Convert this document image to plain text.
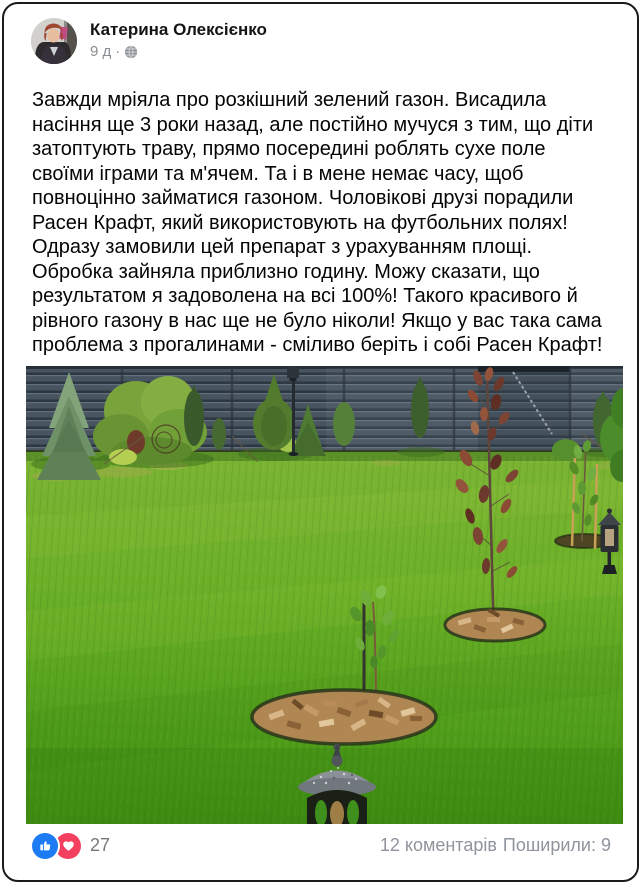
Катерина Олексієнко
9 д ·
Завжди мріяла про розкішний зелений газон. Висадила насіння ще 3 роки назад, але постійно мучуся з тим, що діти затоптують траву, прямо посередині роблять сухе поле своїми іграми та м'ячем. Та і в мене немає часу, щоб повноцінно займатися газоном. Чоловікові друзі порадили Расен Крафт, який використовують на футбольних полях! Одразу замовили цей препарат з урахуванням площі. Обробка зайняла приблизно годину. Можу сказати, що результатом я задоволена на всі 100%! Такого красивого й рівного газону в нас ще не було ніколи! Якщо у вас така сама проблема з прогалинами - сміливо беріть і собі Расен Крафт!
27	12 коментарів Поширили: 9
